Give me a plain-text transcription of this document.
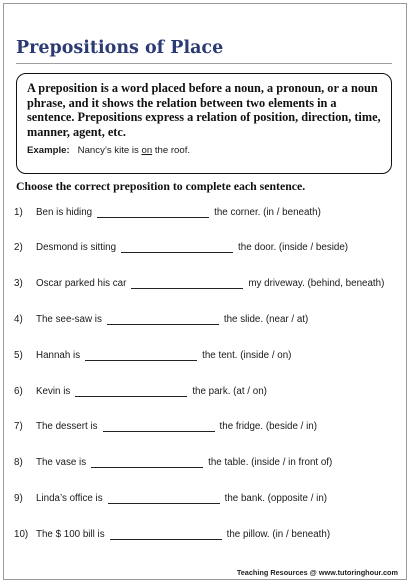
Prepositions of Place

A preposition is a word placed before a noun, a pronoun, or a noun phrase, and it shows the relation between two elements in a sentence. Prepositions express a relation of position, direction, time, manner, agent, etc.

Example: Nancy’s kite is on the roof.

Choose the correct preposition to complete each sentence.

1)	Ben is hiding	the corner. (in / beneath)
2)	Desmond is sitting	the door. (inside / beside)
3)	Oscar parked his car	my driveway. (behind, beneath)
4)	The see-saw is	the slide. (near / at)
5)	Hannah is	the tent. (inside / on)
6)	Kevin is	the park. (at / on)
7)	The dessert is	the fridge. (beside / in)
8)	The vase is	the table. (inside / in front of)
9)	Linda’s office is	the bank. (opposite / in)
10) The $ 100 bill is	the pillow. (in / beneath)
Teaching Resources @ www.tutoringhour.com
